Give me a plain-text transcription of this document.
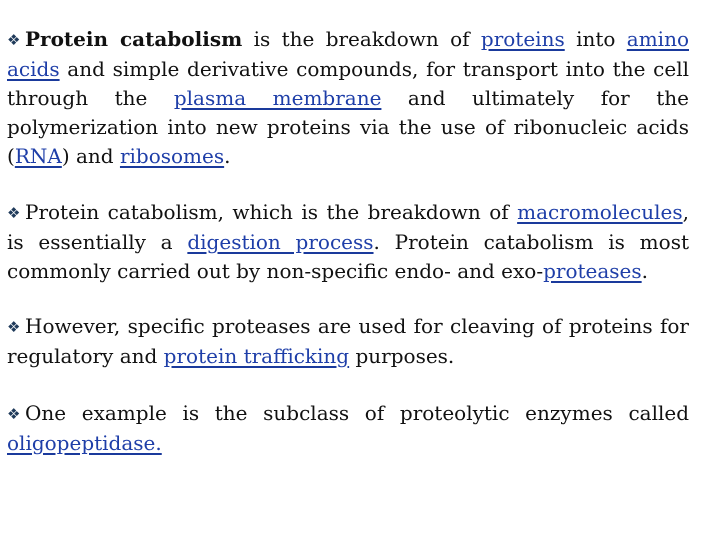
❖ Protein catabolism is the breakdown of proteins into amino acids and simple derivative compounds, for transport into the cell through the plasma membrane and ultimately for the polymerization into new proteins via the use of ribonucleic acids (RNA) and ribosomes.

❖ Protein catabolism, which is the breakdown of macromolecules, is essentially a digestion process. Protein catabolism is most commonly carried out by non-specific endo- and exo-proteases.

❖ However, specific proteases are used for cleaving of proteins for regulatory and protein trafficking purposes.

❖ One example is the subclass of proteolytic enzymes called oligopeptidase.
